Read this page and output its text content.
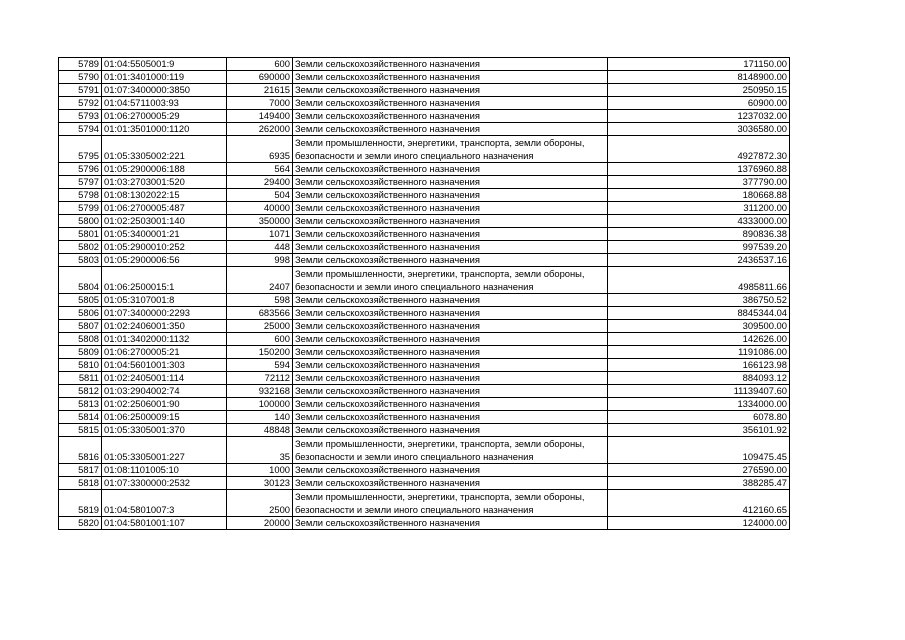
5789	01:04:5505001:9	600	Земли сельскохозяйственного назначения	171150.00
5790	01:01:3401000:119	690000	Земли сельскохозяйственного назначения	8148900.00
5791	01:07:3400000:3850	21615	Земли сельскохозяйственного назначения	250950.15
5792	01:04:5711003:93	7000	Земли сельскохозяйственного назначения	60900.00
5793	01:06:2700005:29	149400	Земли сельскохозяйственного назначения	1237032.00
5794	01:01:3501000:1120	262000	Земли сельскохозяйственного назначения	3036580.00
5795	01:05:3305002:221	6935	Земли промышленности, энергетики, транспорта, земли обороны, безопасности и земли иного специального назначения	4927872.30
5796	01:05:2900006:188	564	Земли сельскохозяйственного назначения	1376960.88
5797	01:03:2703001:520	29400	Земли сельскохозяйственного назначения	377790.00
5798	01:08:1302022:15	504	Земли сельскохозяйственного назначения	180668.88
5799	01:06:2700005:487	40000	Земли сельскохозяйственного назначения	311200.00
5800	01:02:2503001:140	350000	Земли сельскохозяйственного назначения	4333000.00
5801	01:05:3400001:21	1071	Земли сельскохозяйственного назначения	890836.38
5802	01:05:2900010:252	448	Земли сельскохозяйственного назначения	997539.20
5803	01:05:2900006:56	998	Земли сельскохозяйственного назначения	2436537.16
5804	01:06:2500015:1	2407	Земли промышленности, энергетики, транспорта, земли обороны, безопасности и земли иного специального назначения	4985811.66
5805	01:05:3107001:8	598	Земли сельскохозяйственного назначения	386750.52
5806	01:07:3400000:2293	683566	Земли сельскохозяйственного назначения	8845344.04
5807	01:02:2406001:350	25000	Земли сельскохозяйственного назначения	309500.00
5808	01:01:3402000:1132	600	Земли сельскохозяйственного назначения	142626.00
5809	01:06:2700005:21	150200	Земли сельскохозяйственного назначения	1191086.00
5810	01:04:5601001:303	594	Земли сельскохозяйственного назначения	166123.98
5811	01:02:2405001:114	72112	Земли сельскохозяйственного назначения	884093.12
5812	01:03:2904002:74	932168	Земли сельскохозяйственного назначения	11139407.60
5813	01:02:2506001:90	100000	Земли сельскохозяйственного назначения	1334000.00
5814	01:06:2500009:15	140	Земли сельскохозяйственного назначения	6078.80
5815	01:05:3305001:370	48848	Земли сельскохозяйственного назначения	356101.92
5816	01:05:3305001:227	35	Земли промышленности, энергетики, транспорта, земли обороны, безопасности и земли иного специального назначения	109475.45
5817	01:08:1101005:10	1000	Земли сельскохозяйственного назначения	276590.00
5818	01:07:3300000:2532	30123	Земли сельскохозяйственного назначения	388285.47
5819	01:04:5801007:3	2500	Земли промышленности, энергетики, транспорта, земли обороны, безопасности и земли иного специального назначения	412160.65
5820	01:04:5801001:107	20000	Земли сельскохозяйственного назначения	124000.00
